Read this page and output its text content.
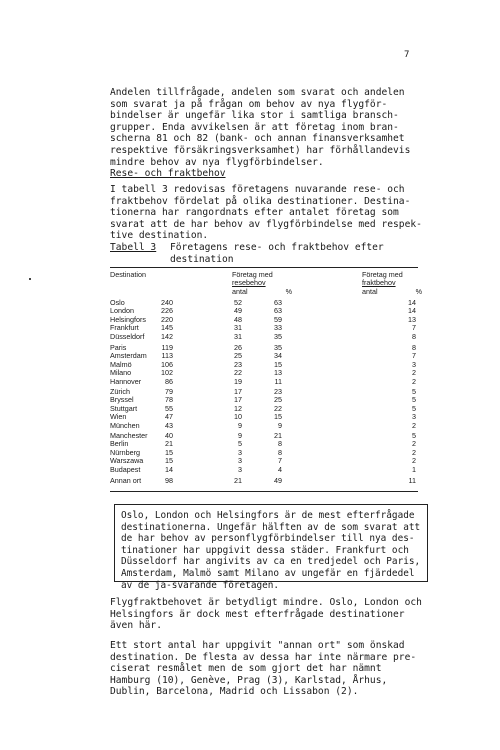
7
Andelen tillfrågade, andelen som svarat och andelen
som svarat ja på frågan om behov av nya flygför-
bindelser är ungefär lika stor i samtliga bransch-
grupper. Enda avvikelsen är att företag inom bran-
scherna 81 och 82 (bank- och annan finansverksamhet
respektive försäkringsverksamhet) har förhållandevis
mindre behov av nya flygförbindelser.
Rese- och fraktbehov
I tabell 3 redovisas företagens nuvarande rese- och
fraktbehov fördelat på olika destinationer. Destina-
tionerna har rangordnats efter antalet företag som
svarat att de har behov av flygförbindelse med respek-
tive destination.
Tabell 3 Företagens rese- och fraktbehov efter
destination
Destination	Företag med
resebehov
antal	%
Företag med
fraktbehov
antal	%
Oslo	240	52	63	14
London	226	49	63	14
Helsingfors 220	48	59	13
Frankfurt	145	31	33	7
Düsseldorf 142	31	35	8
Paris	119	26	35	8
Amsterdam 113	25	34	7
Malmö	106	23	15	3
Milano	102	22	13	2
Hannover	86	19	11	2
Zürich	79	17	23	5
Bryssel	78	17	25	5
Stuttgart	55	12	22	5
Wien	47	10	15	3
München	43	9	9	2
Manchester 40	9	21	5
Berlin	21	5	8	2
Nürnberg	15	3	8	2
Warszawa	15	3	7	2
Budapest	14	3	4	1
Annan ort	98	21	49	11
Oslo, London och Helsingfors är de mest efterfrågade
destinationerna. Ungefär hälften av de som svarat att
de har behov av personflygförbindelser till nya des-
tinationer har uppgivit dessa städer. Frankfurt och
Düsseldorf har angivits av ca en tredjedel och Paris,
Amsterdam, Malmö samt Milano av ungefär en fjärdedel
av de ja-svarande företagen.
Flygfraktbehovet är betydligt mindre. Oslo, London och
Helsingfors är dock mest efterfrågade destinationer
även här.
Ett stort antal har uppgivit "annan ort" som önskad
destination. De flesta av dessa har inte närmare pre-
ciserat resmålet men de som gjort det har nämnt
Hamburg (10), Genève, Prag (3), Karlstad, Århus,
Dublin, Barcelona, Madrid och Lissabon (2).
